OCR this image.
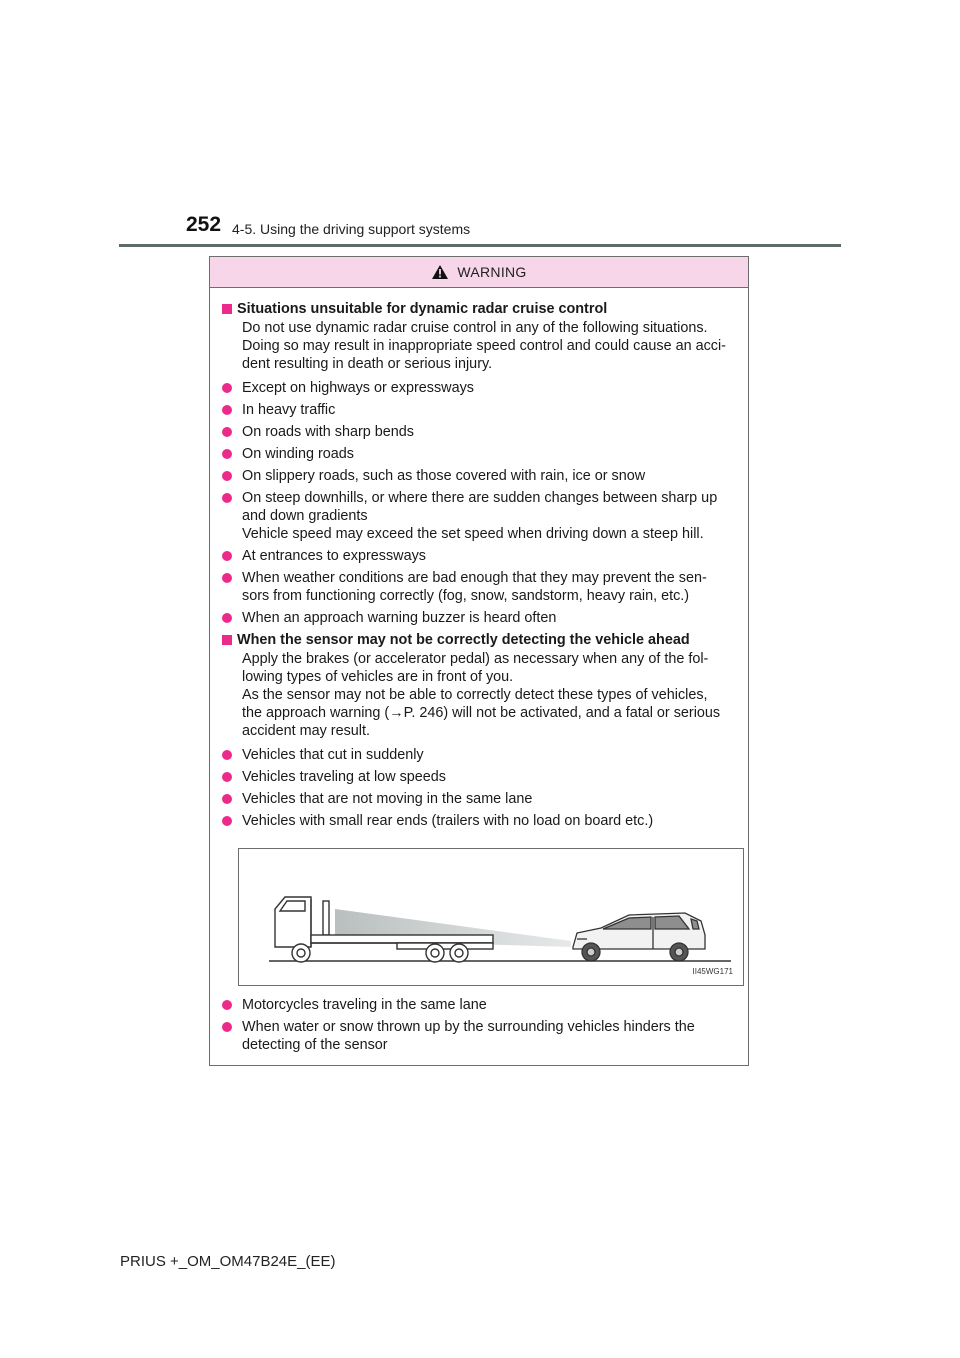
252 4-5. Using the driving support systems
WARNING
Situations unsuitable for dynamic radar cruise control
Do not use dynamic radar cruise control in any of the following situations.
Doing so may result in inappropriate speed control and could cause an acci-
dent resulting in death or serious injury.
Except on highways or expressways
In heavy traffic
On roads with sharp bends
On winding roads
On slippery roads, such as those covered with rain, ice or snow
On steep downhills, or where there are sudden changes between sharp up
and down gradients
Vehicle speed may exceed the set speed when driving down a steep hill.
At entrances to expressways
When weather conditions are bad enough that they may prevent the sen-
sors from functioning correctly (fog, snow, sandstorm, heavy rain, etc.)
When an approach warning buzzer is heard often
When the sensor may not be correctly detecting the vehicle ahead
Apply the brakes (or accelerator pedal) as necessary when any of the fol-
lowing types of vehicles are in front of you.
As the sensor may not be able to correctly detect these types of vehicles,
the approach warning (→P. 246) will not be activated, and a fatal or serious
accident may result.
Vehicles that cut in suddenly
Vehicles traveling at low speeds
Vehicles that are not moving in the same lane
Vehicles with small rear ends (trailers with no load on board etc.)
II45WG171
Motorcycles traveling in the same lane
When water or snow thrown up by the surrounding vehicles hinders the
detecting of the sensor
PRIUS +_OM_OM47B24E_(EE)
